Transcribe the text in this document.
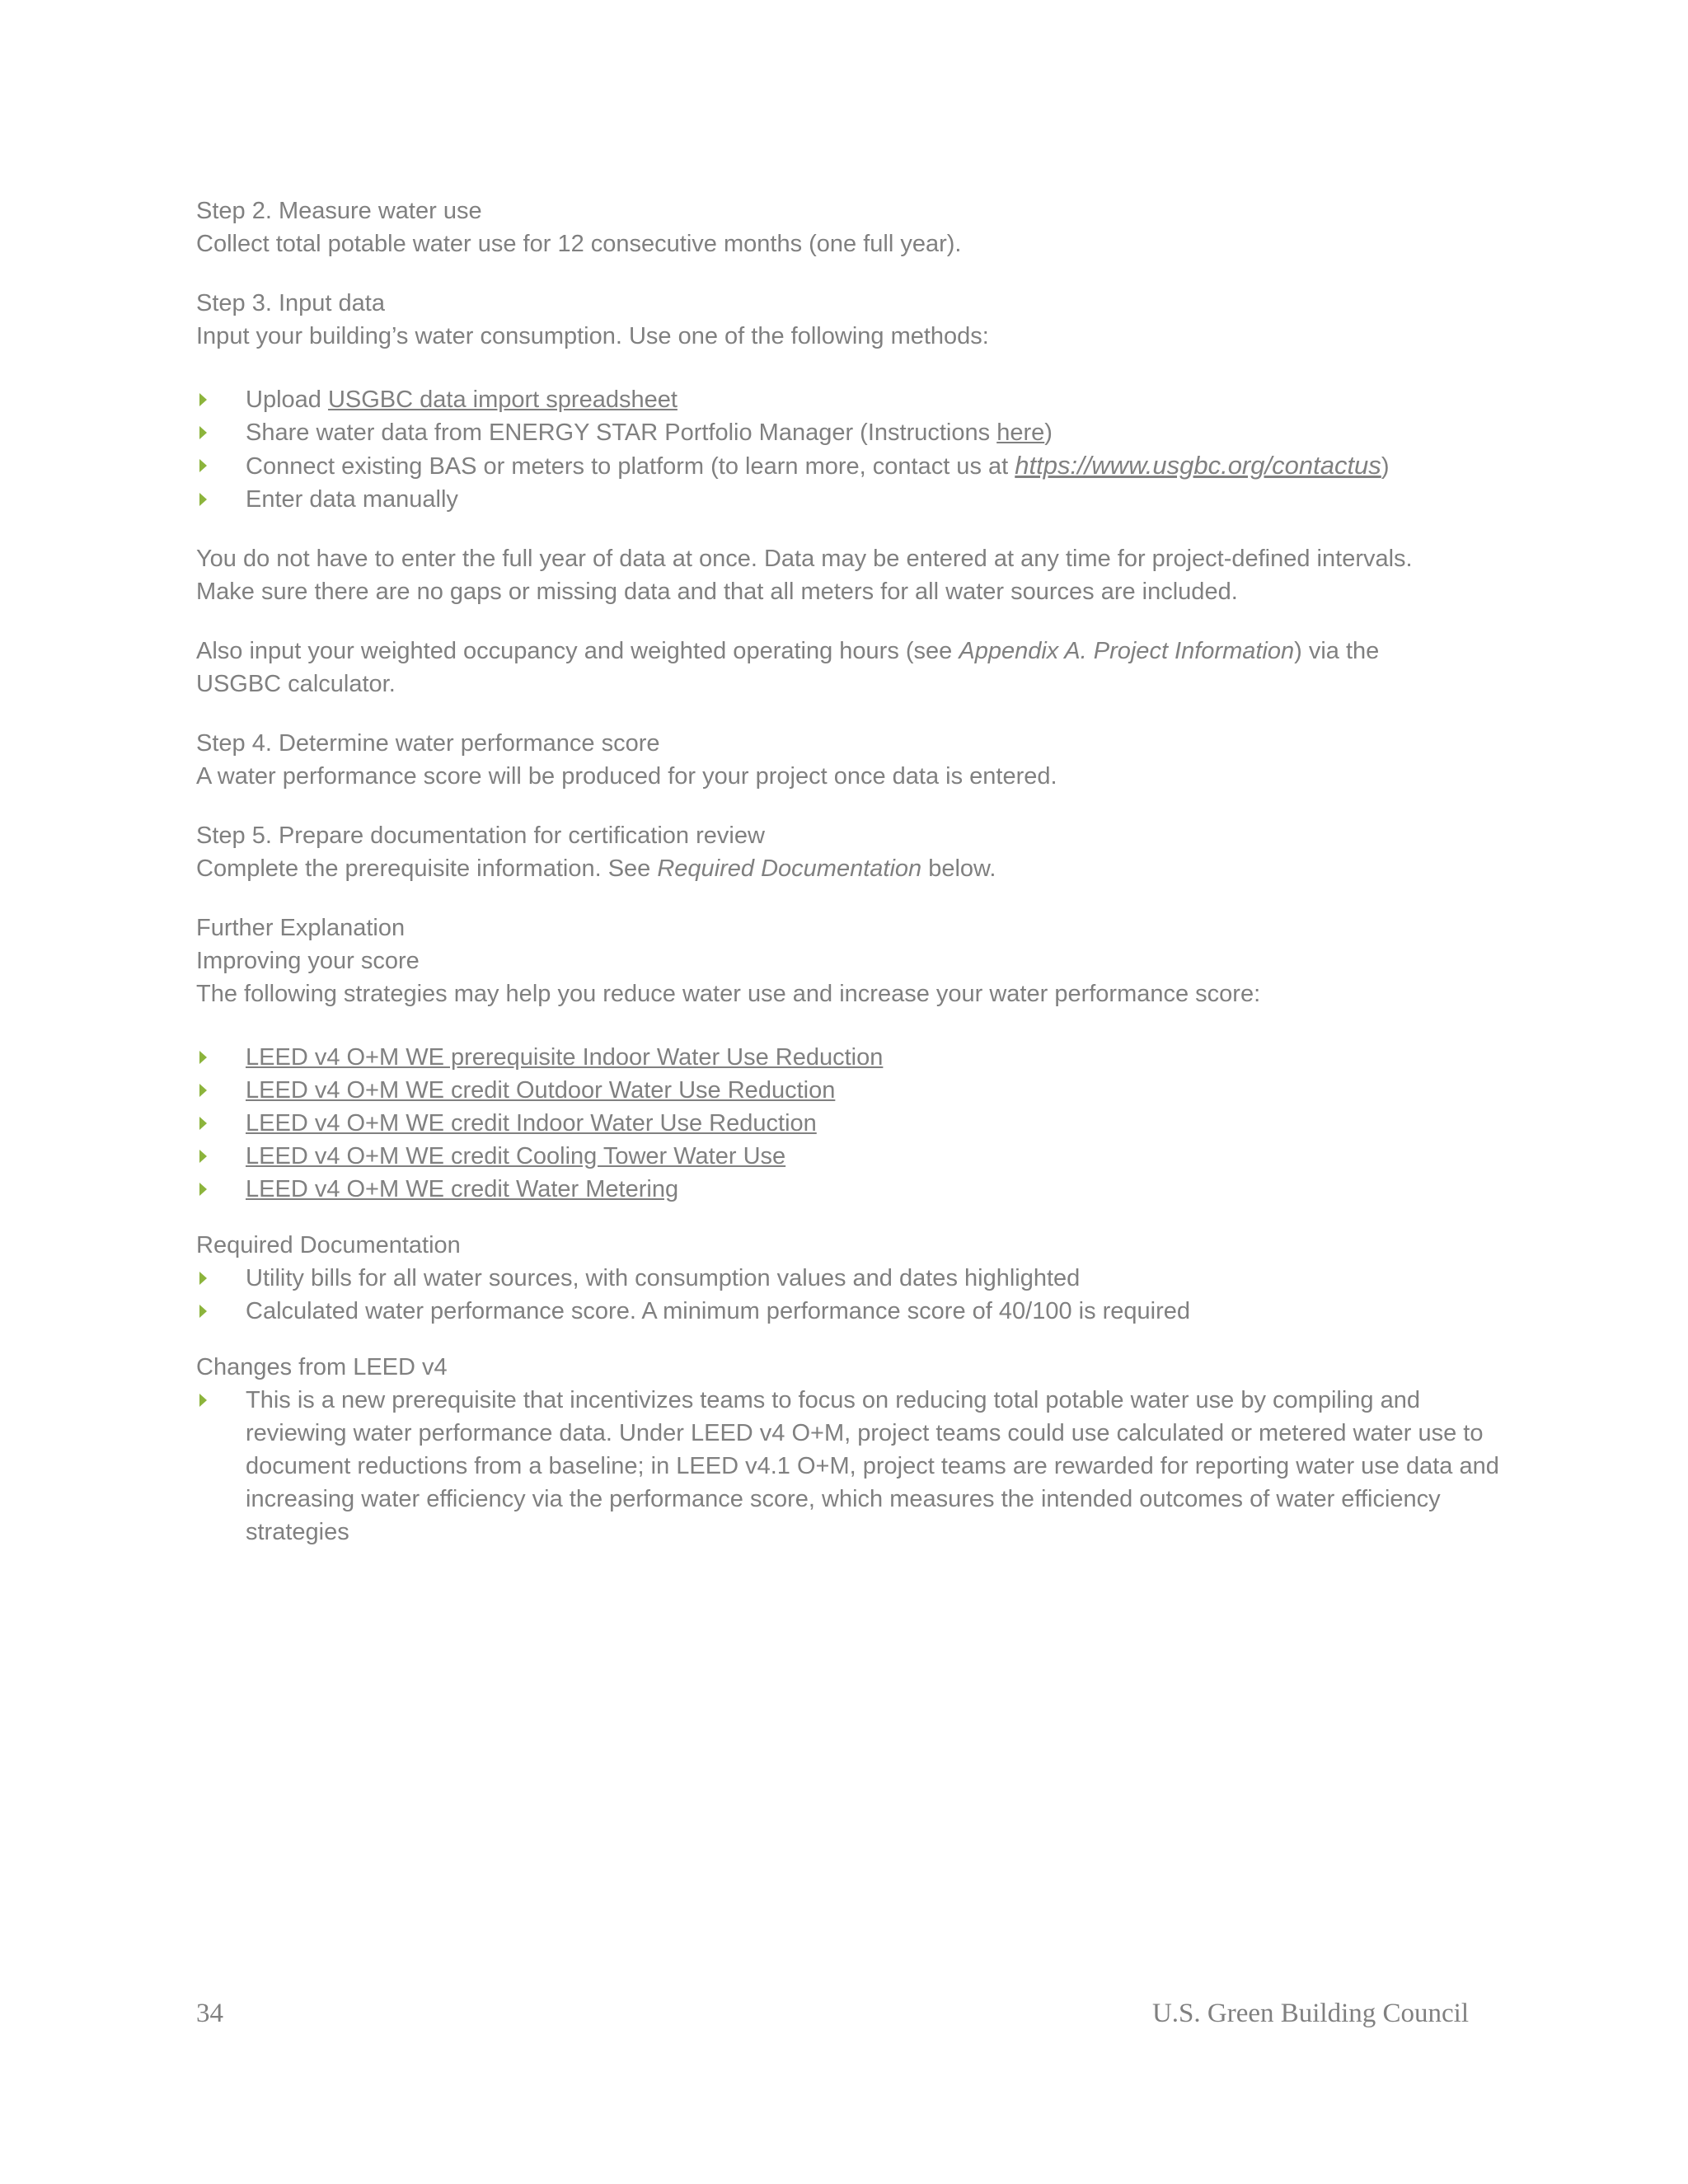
Step 2. Measure water use
Collect total potable water use for 12 consecutive months (one full year).
Step 3. Input data
Input your building’s water consumption. Use one of the following methods:
Upload USGBC data import spreadsheet
Share water data from ENERGY STAR Portfolio Manager (Instructions here)
Connect existing BAS or meters to platform (to learn more, contact us at https://www.usgbc.org/contactus)
Enter data manually
You do not have to enter the full year of data at once. Data may be entered at any time for project-defined intervals.
Make sure there are no gaps or missing data and that all meters for all water sources are included.
Also input your weighted occupancy and weighted operating hours (see Appendix A. Project Information) via the
USGBC calculator.
Step 4. Determine water performance score
A water performance score will be produced for your project once data is entered.
Step 5. Prepare documentation for certification review
Complete the prerequisite information. See Required Documentation below.
Further Explanation
Improving your score
The following strategies may help you reduce water use and increase your water performance score:
LEED v4 O+M WE prerequisite Indoor Water Use Reduction
LEED v4 O+M WE credit Outdoor Water Use Reduction
LEED v4 O+M WE credit Indoor Water Use Reduction
LEED v4 O+M WE credit Cooling Tower Water Use
LEED v4 O+M WE credit Water Metering
Required Documentation
Utility bills for all water sources, with consumption values and dates highlighted
Calculated water performance score. A minimum performance score of 40/100 is required
Changes from LEED v4
This is a new prerequisite that incentivizes teams to focus on reducing total potable water use by compiling and reviewing water performance data. Under LEED v4 O+M, project teams could use calculated or metered water use to document reductions from a baseline; in LEED v4.1 O+M, project teams are rewarded for reporting water use data and increasing water efficiency via the performance score, which measures the intended outcomes of water efficiency strategies
34	U.S. Green Building Council
